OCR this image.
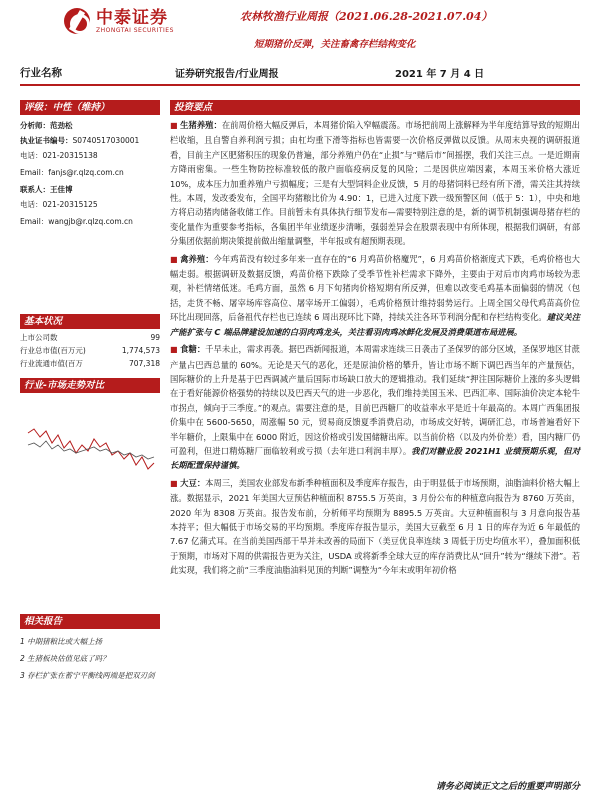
中泰证券
ZHONGTAI SECURITIES
农林牧渔行业周报（2021.06.28-2021.07.04）
短期猪价反弹，关注畜禽存栏结构变化
行业名称	证券研究报告/行业周报	2021 年 7 月 4 日
评级：中性（维持）
分析师：范劲松
执业证书编号：S0740517030001
电话：021-20315138
Email：fanjs@r.qlzq.com.cn
联系人：王佳博
电话：021-20315125
Email：wangjb@r.qlzq.com.cn
基本状况
上市公司数	99
行业总市值(百万元)	1,774,573
行业流通市值(百万	707,318
行业-市场走势对比
相关报告
1 中期猪粮比或大幅上扬
2 生猪板块估值见底了吗？
3 存栏扩张在蓄宁平衡线两端是把双刃剑
投资要点

■ 生猪养殖：在前周价格大幅反弹后，本周猪价陷入窄幅震荡。市场把前周上涨解释为半年度结算导致的短期出栏收缩，且自警自养利润亏损；由杠均重下滑等指标也皆需要一次价格反弹做以反馈。从周末央视的调研报道看，目前主产区肥猪积压的现象仍普遍，部分养殖户仍在“止损”与“赌后市”间摇摆，我们关注三点。一是近期南方降雨密集。一些生物防控标准较低的散户面临疫病反复的风险；二是因供应端因素，本周玉米价格大涨近 10%，成本压力加重养殖户亏损幅度；三是有大型饲料企业反馈，5 月的母猪饲料已经有所下滑，需关注其持续性。本周，发改委发布，全国平均猪粮比价为 4.90：1，已进入过度下跌一级预警区间（低于 5：1），中央和地方将启动猪肉储备收储工作。目前暂未有具体执行细节发布—需要特别注意的是，新的调节机制强调母猪存栏的变化量作为重要参考指标，各集团半年业绩逐步清晰，强弱差异会在股票表现中有所体现，根据我们调研，有部分集团依据前期决策提前做出缩量调整，半年报或有超预期表现。

■ 禽养殖：今年鸡苗没有较过多年来一直存在的“6 月鸡苗价格魔咒”，6 月鸡苗价格渐度式下跌，毛鸡价格也大幅走弱。根据调研及数据反馈，鸡苗价格下跌除了受季节性补栏需求下降外，主要由于对后市肉鸡市场较为悲观，补栏情绪低迷。毛鸡方面，虽然 6 月下旬猪肉价格短期有所反弹，但难以改变毛鸡基本面偏弱的情况（包括，走货不畅、屠宰场库容高位、屠宰场开工偏弱），毛鸡价格预计维持弱势运行。上周全国父母代鸡苗高价位环比出现回落，后备祖代存栏也已连续 6 周出现环比下降，持续关注各环节利润分配和存栏结构变化。建议关注产能扩张与 C 端品牌建设加速的白羽肉鸡龙头，关注看羽肉鸡冰鲜化发展及消费渠道布局进展。

■ 食糖：千早未止，需求再袭。据巴西新闻报道，本周需求连续三日袭击了圣保罗的部分区域，圣保罗地区甘蔗产量占巴西总量的 60%。无论是天气的恶化，还是原油价格的攀升，皆让市场不断下调巴西当年的产量预估，国际糖价的上升是基于巴西调减产量后国际市场缺口放大的逻辑推动。我们延续“押注国际糖价上涨的多头逻辑在于看好能源价格强势的持续以及巴西天气的进一步恶化，我们维持美国玉米、巴西汇率、国际油价决定本轮牛市拐点，倾向于三季度。”的观点。需要注意的是，目前巴西糖厂的收益率水平是近十年最高的。本周广西集团报价集中在 5600-5650，周涨幅 50 元，贸易商反馈夏季消费启动，市场成交好转，调研汇总，市场普遍看好下半年糖价，上限集中在 6000 附近，因这价格或引发国储糖出库。以当前价格（以及内外价差）看，国内糖厂仍可盈利，但进口精炼糖厂面临较利或亏损（去年进口利润丰厚）。我们对糖业股 2021H1 业绩预期乐观，但对长期配置保持谨慎。

■ 大豆：本周三，美国农业部发布新季种植面积及季度库存报告，由于明显低于市场预期，油脂油料价格大幅上涨。数据显示，2021 年美国大豆预估种植面积 8755.5 万英亩，3 月份公布的种植意向报告为 8760 万英亩，2020 年为 8308 万英亩。报告发布前，分析师平均预期为 8895.5 万英亩。大豆种植面积与 3 月意向报告基本持平；但大幅低于市场交易的平均预期。季度库存报告显示，美国大豆截至 6 月 1 日的库存为近 6 年最低的 7.67 亿蒲式耳。在当前美国西部干旱并未改善的局面下（美豆优良率连续 3 周低于历史均值水平），叠加面积低于预期，市场对下周的供需报告更为关注，USDA 或将新季全球大豆的库存消费比从“回升”转为“继续下滑”。若此实现，我们将之前“三季度油脂油料见顶的判断”调整为“今年末或明年初价格

请务必阅读正文之后的重要声明部分
